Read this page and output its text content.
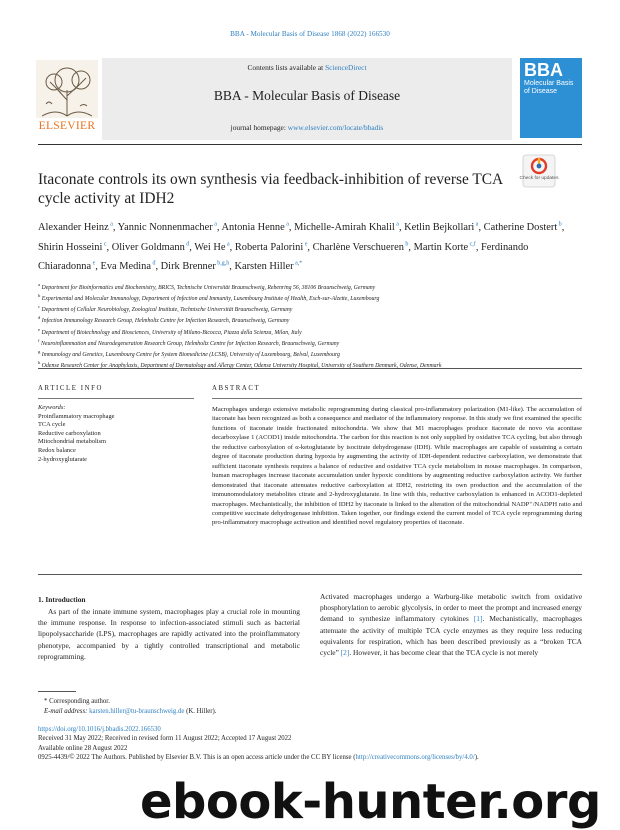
BBA - Molecular Basis of Disease 1868 (2022) 166530
ELSEVIER
Contents lists available at ScienceDirect
BBA - Molecular Basis of Disease
journal homepage: www.elsevier.com/locate/bbadis
BBA
Molecular Basis of Disease
Itaconate controls its own synthesis via feedback-inhibition of reverse TCA cycle activity at IDH2
Check for updates
Alexander Heinz $^a$, Yannic Nonnenmacher $^a$, Antonia Henne $^a$, Michelle-Amirah Khalil $^a$, Ketlin Bejkollari $^a$, Catherine Dostert $^b$, Shirin Hosseini $^c$, Oliver Goldmann $^d$, Wei He $^a$, Roberta Palorini $^e$, Charlène Verschueren $^b$, Martin Korte $^{c,f}$, Ferdinando Chiaradonna $^e$, Eva Medina $^d$, Dirk Brenner $^{b,g,h}$, Karsten Hiller $^{a,*}$
$^a$Department for Bioinformatics and Biochemistry, BRICS, Technische Universität Braunschweig, Rebenring 56, 38106 Braunschweig, Germany
$^b$Experimental and Molecular Immunology, Department of Infection and Immunity, Luxembourg Institute of Health, Esch-sur-Alzette, Luxembourg
$^c$Department of Cellular Neurobiology, Zoological Institute, Technische Universität Braunschweig, Germany
$^d$Infection Immunology Research Group, Helmholtz Centre for Infection Research, Braunschweig, Germany
$^e$Department of Biotechnology and Biosciences, University of Milano-Bicocca, Piazza della Scienza, Milan, Italy
$^f$Neuroinflammation and Neurodegeneration Research Group, Helmholtz Centre for Infection Research, Braunschweig, Germany
$^g$Immunology and Genetics, Luxembourg Centre for System Biomedicine (LCSB), University of Luxembourg, Belval, Luxembourg
$^h$Odense Research Center for Anaphylaxis, Department of Dermatology and Allergy Center, Odense University Hospital, University of Southern Denmark, Odense, Denmark
ARTICLE INFO
Keywords:
Proinflammatory macrophage
TCA cycle
Reductive carboxylation
Mitochondrial metabolism
Redox balance
2-hydroxyglutarate
ABSTRACT
Macrophages undergo extensive metabolic reprogramming during classical pro-inflammatory polarization (M1-like). The accumulation of itaconate has been recognized as both a consequence and mediator of the inflammatory response. In this study we first examined the specific functions of itaconate inside fractionated mitochondria. We show that M1 macrophages produce itaconate de novo via aconitase decarboxylase 1 (ACOD1) inside mitochondria. The carbon for this reaction is not only supplied by oxidative TCA cycling, but also through the reductive carboxylation of α-ketoglutarate by isocitrate dehydrogenase (IDH). While macrophages are capable of sustaining a certain degree of itaconate production during hypoxia by augmenting the activity of IDH-dependent reductive carboxylation, we demonstrate that sufficient itaconate synthesis requires a balance of reductive and oxidative TCA cycle metabolism in mouse macrophages. In comparison, human macrophages increase itaconate accumulation under hypoxic conditions by augmenting reductive carboxylation activity. We further demonstrated that itaconate attenuates reductive carboxylation at IDH2, restricting its own production and the accumulation of the immunomodulatory metabolites citrate and 2-hydroxyglutarate. In line with this, reductive carboxylation is enhanced in ACOD1-depleted macrophages. Mechanistically, the inhibition of IDH2 by itaconate is linked to the alteration of the mitochondrial NADP⁺/NADPH ratio and competitive succinate dehydrogenase inhibition. Taken together, our findings extend the current model of TCA cycle reprogramming during pro-inflammatory macrophage activation and identified novel regulatory properties of itaconate.
1. Introduction
As part of the innate immune system, macrophages play a crucial role in mounting the immune response. In response to infection-associated stimuli such as bacterial lipopolysaccharide (LPS), macrophages are rapidly activated into the proinflammatory phenotype, accompanied by a tightly controlled transcriptional and metabolic reprogramming.
Activated macrophages undergo a Warburg-like metabolic switch from oxidative phosphorylation to aerobic glycolysis, in order to meet the prompt and increased energy demand to synthesize inflammatory cytokines [1]. Mechanistically, macrophages attenuate the activity of multiple TCA cycle enzymes as they require less reducing equivalents for respiration, which has been described previously as a “broken TCA cycle” [2]. However, it has become clear that the TCA cycle is not merely
* Corresponding author.
E-mail address: karsten.hiller@tu-braunschweig.de (K. Hiller).
https://doi.org/10.1016/j.bbadis.2022.166530
Received 31 May 2022; Received in revised form 11 August 2022; Accepted 17 August 2022
Available online 28 August 2022
0925-4439/© 2022 The Authors. Published by Elsevier B.V. This is an open access article under the CC BY license (http://creativecommons.org/licenses/by/4.0/).
ebook-hunter.org
